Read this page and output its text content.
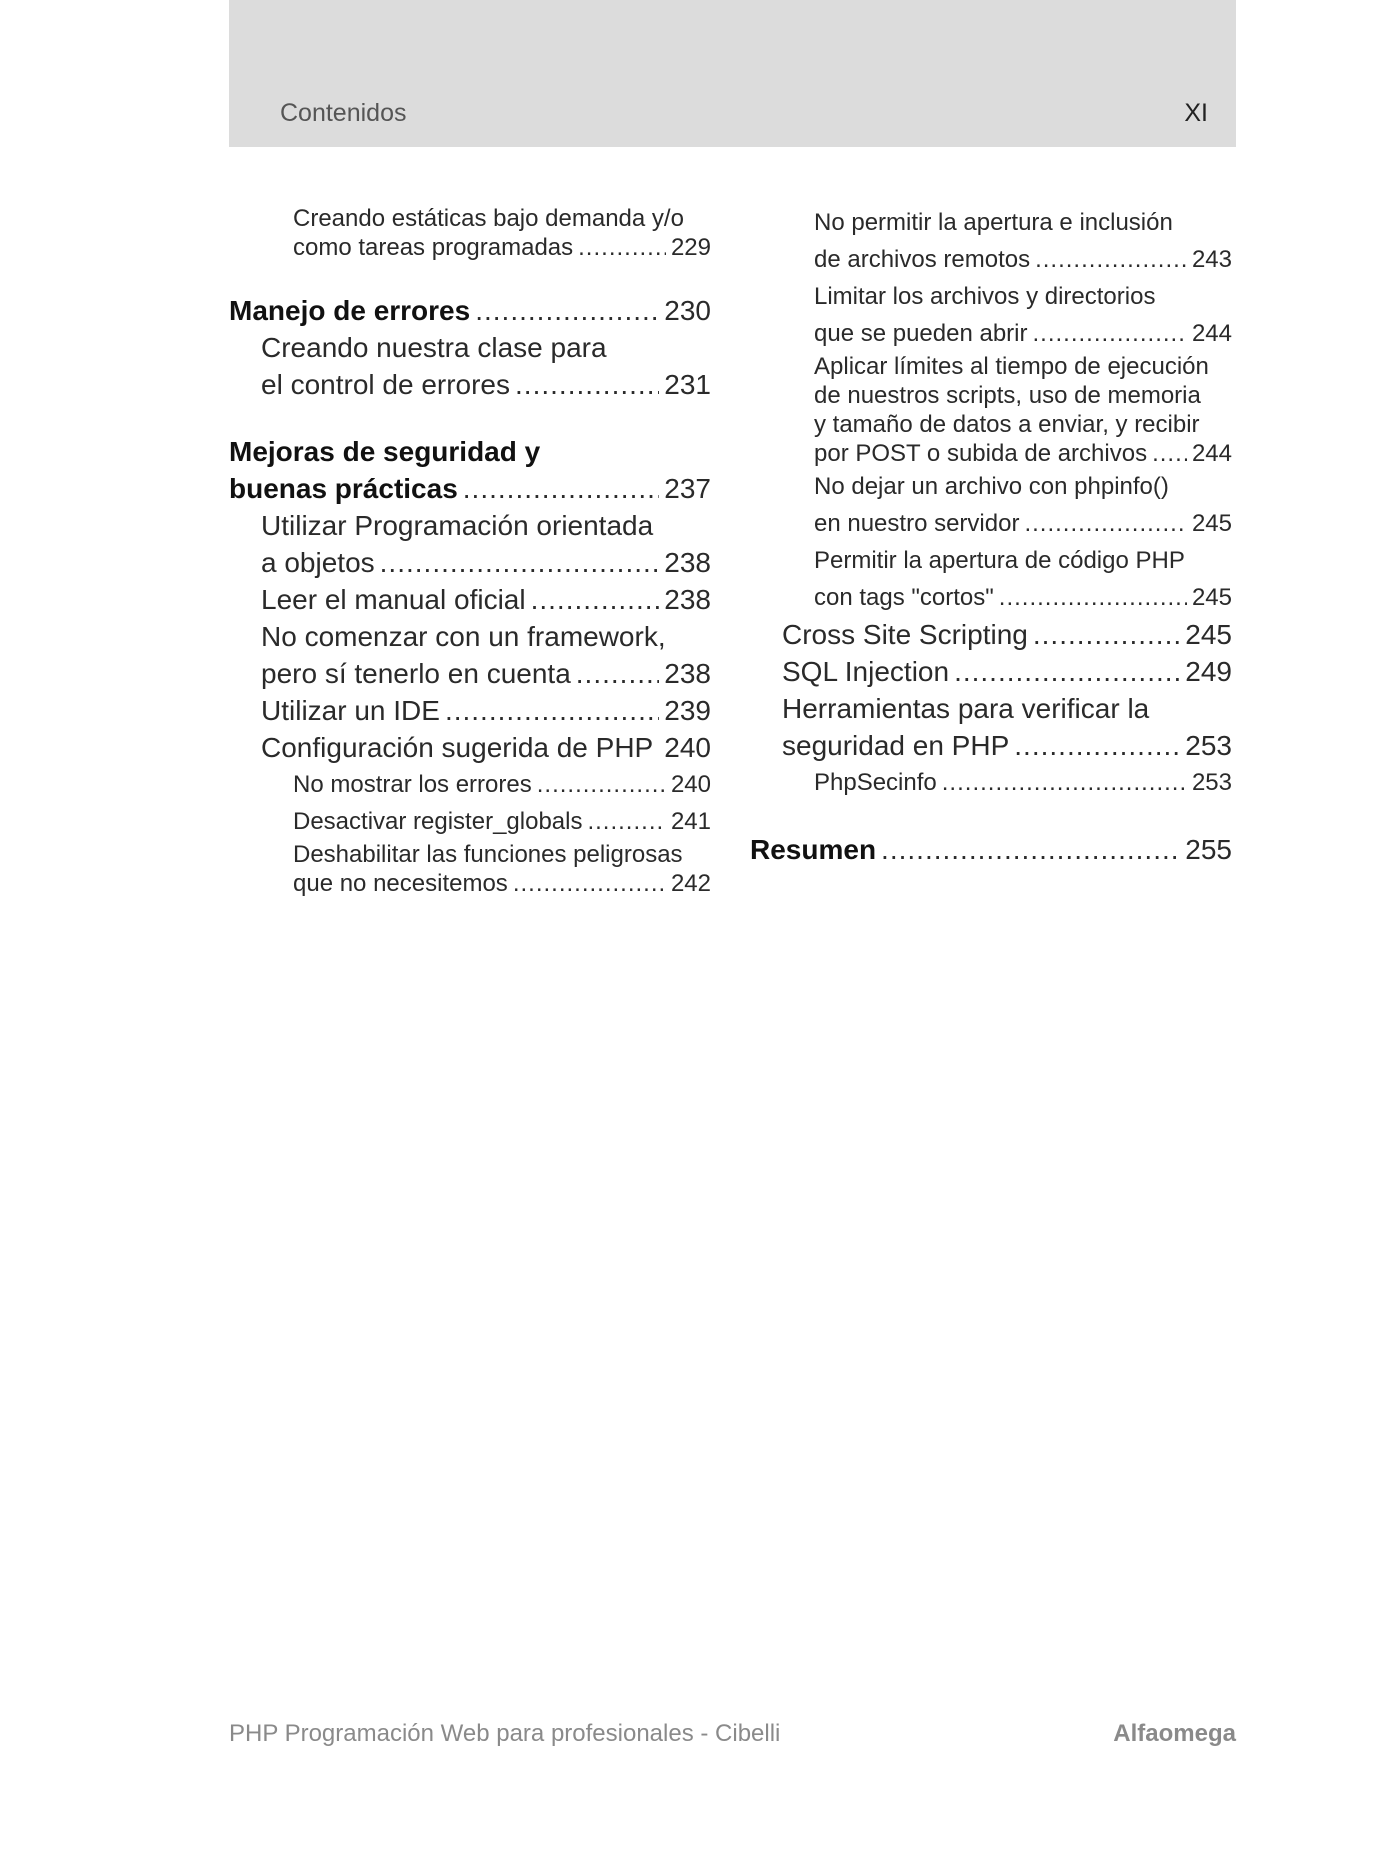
Contenidos	XI
Creando estáticas bajo demanda y/o
como tareas programadas .....	229
Manejo de errores .....	230
Creando nuestra clase para
el control de errores .....	231
Mejoras de seguridad y
buenas prácticas .....	237
Utilizar Programación orientada
a objetos .....	238
Leer el manual oficial .....	238
No comenzar con un framework,
pero sí tenerlo en cuenta .....	238
Utilizar un IDE .....	239
Configuración sugerida de PHP ..... 240
No mostrar los errores .....	240
Desactivar register_globals .....	241
Deshabilitar las funciones peligrosas
que no necesitemos .....	242
No permitir la apertura e inclusión
de archivos remotos .....	243
Limitar los archivos y directorios
que se pueden abrir .....	244
Aplicar límites al tiempo de ejecución
de nuestros scripts, uso de memoria
y tamaño de datos a enviar, y recibir
por POST o subida de archivos ..... 244
No dejar un archivo con phpinfo()
en nuestro servidor .....	245
Permitir la apertura de código PHP
con tags "cortos" .....	245
Cross Site Scripting .....	245
SQL Injection .....	249
Herramientas para verificar la
seguridad en PHP .....	253
PhpSecinfo .....	253
Resumen .....	255
PHP Programación Web para profesionales - Cibelli	Alfaomega
